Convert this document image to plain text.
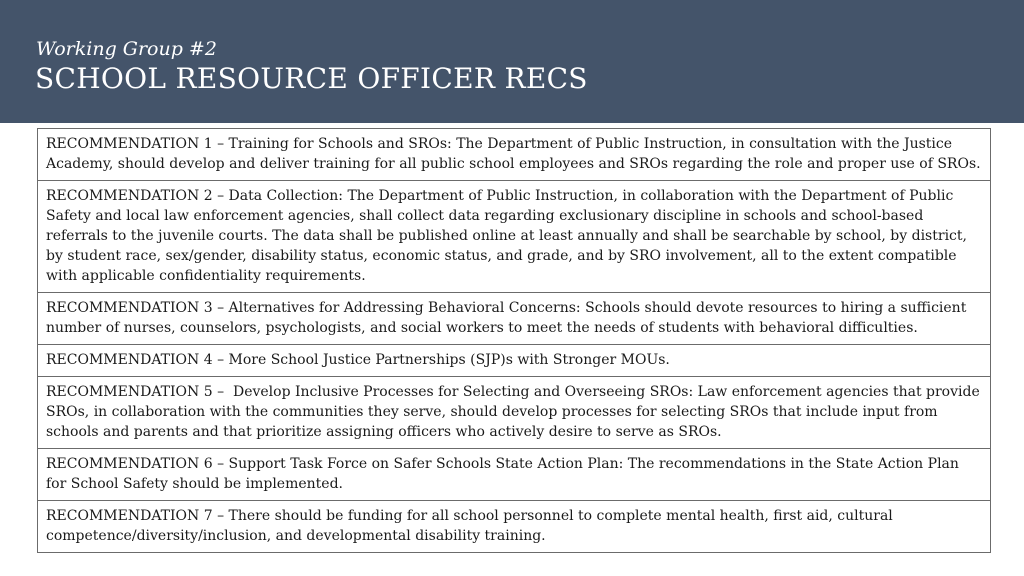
Working Group #2
SCHOOL RESOURCE OFFICER RECS
RECOMMENDATION 1 – Training for Schools and SROs: The Department of Public Instruction, in consultation with the Justice Academy, should develop and deliver training for all public school employees and SROs regarding the role and proper use of SROs.
RECOMMENDATION 2 – Data Collection: The Department of Public Instruction, in collaboration with the Department of Public Safety and local law enforcement agencies, shall collect data regarding exclusionary discipline in schools and school-based referrals to the juvenile courts. The data shall be published online at least annually and shall be searchable by school, by district, by student race, sex/gender, disability status, economic status, and grade, and by SRO involvement, all to the extent compatible with applicable confidentiality requirements.
RECOMMENDATION 3 – Alternatives for Addressing Behavioral Concerns: Schools should devote resources to hiring a sufficient number of nurses, counselors, psychologists, and social workers to meet the needs of students with behavioral difficulties.
RECOMMENDATION 4 – More School Justice Partnerships (SJP)s with Stronger MOUs.
RECOMMENDATION 5 –  Develop Inclusive Processes for Selecting and Overseeing SROs: Law enforcement agencies that provide SROs, in collaboration with the communities they serve, should develop processes for selecting SROs that include input from schools and parents and that prioritize assigning officers who actively desire to serve as SROs.
RECOMMENDATION 6 – Support Task Force on Safer Schools State Action Plan: The recommendations in the State Action Plan for School Safety should be implemented.
RECOMMENDATION 7 – There should be funding for all school personnel to complete mental health, first aid, cultural competence/diversity/inclusion, and developmental disability training.
